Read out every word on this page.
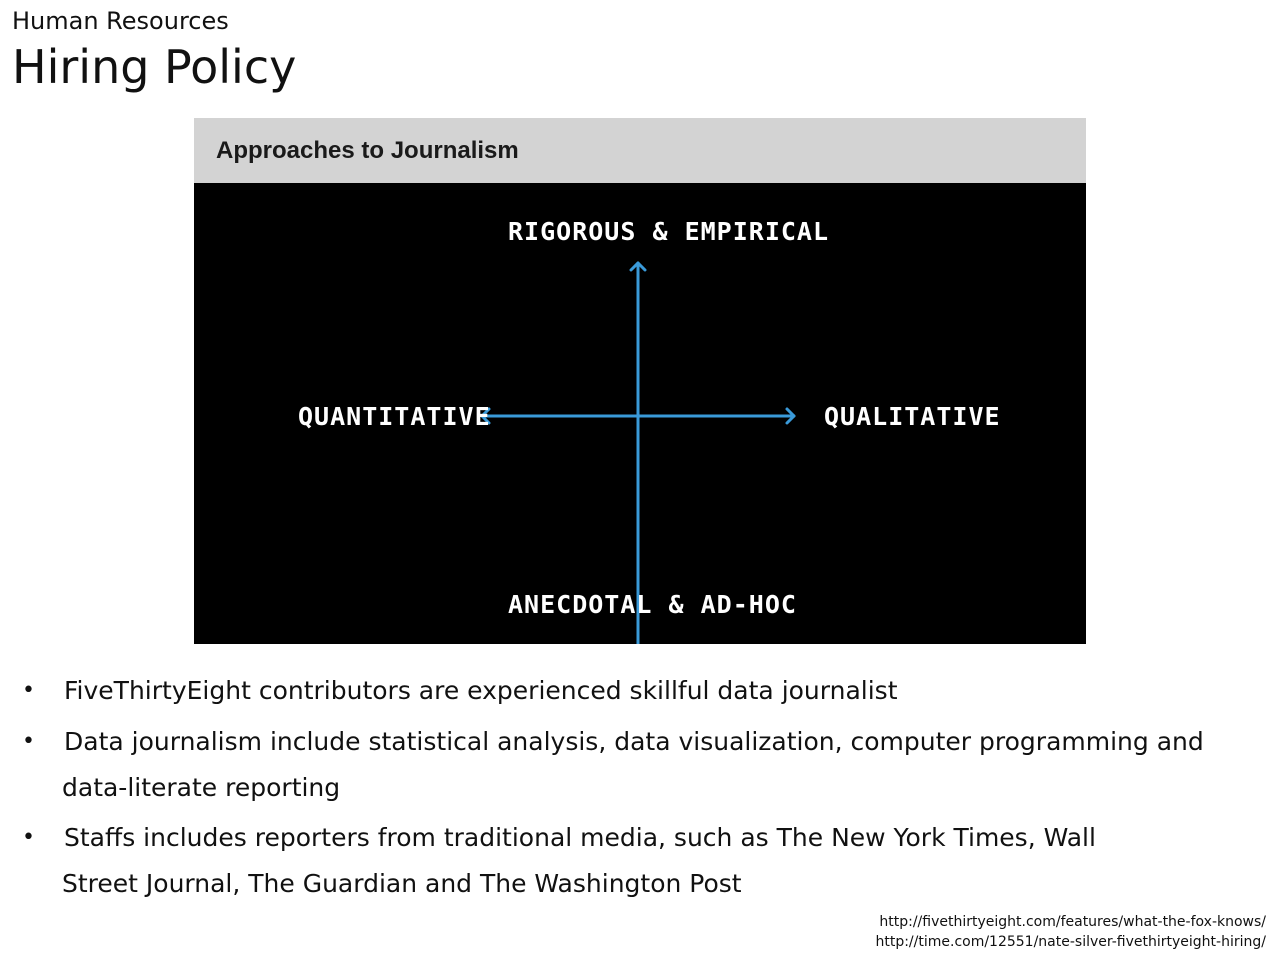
Human Resources
Hiring Policy
Approaches to Journalism
RIGOROUS & EMPIRICAL
ANECDOTAL & AD-HOC
QUANTITATIVE	QUALITATIVE
• FiveThirtyEight contributors are experienced skillful data journalist
• Data journalism include statistical analysis, data visualization, computer programming and
data-literate reporting
• Staffs includes reporters from traditional media, such as The New York Times, Wall
Street Journal, The Guardian and The Washington Post
http://fivethirtyeight.com/features/what-the-fox-knows/
http://time.com/12551/nate-silver-fivethirtyeight-hiring/
